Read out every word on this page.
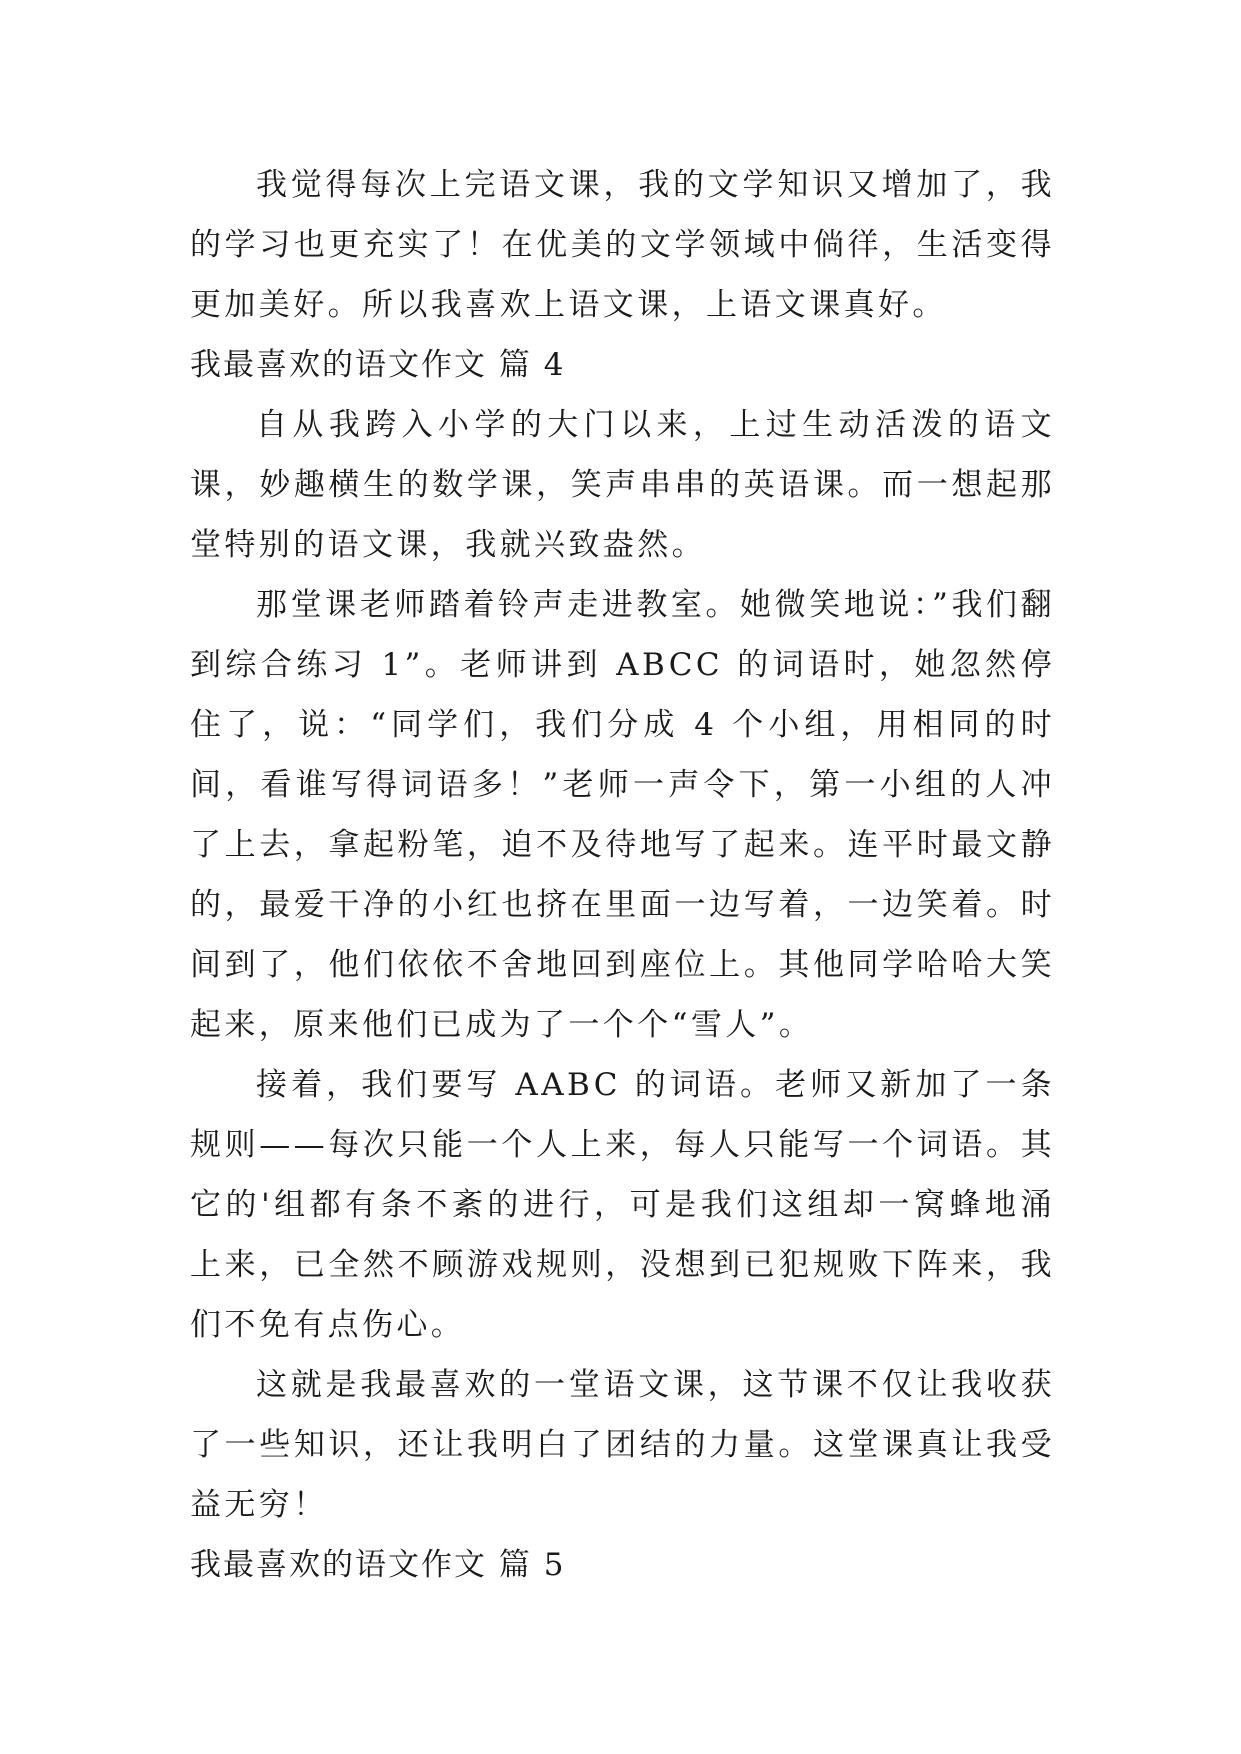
我觉得每次上完语文课，我的文学知识又增加了，我的学习也更充实了！在优美的文学领域中倘徉，生活变得更加美好。所以我喜欢上语文课，上语文课真好。

我最喜欢的语文作文 篇 4

自从我跨入小学的大门以来，上过生动活泼的语文课，妙趣横生的数学课，笑声串串的英语课。而一想起那堂特别的语文课，我就兴致盎然。

那堂课老师踏着铃声走进教室。她微笑地说：”我们翻到综合练习 1”。老师讲到 ABCC 的词语时，她忽然停住了，说：“同学们，我们分成 4 个小组，用相同的时间，看谁写得词语多！”老师一声令下，第一小组的人冲了上去，拿起粉笔，迫不及待地写了起来。连平时最文静的，最爱干净的小红也挤在里面一边写着，一边笑着。时间到了，他们依依不舍地回到座位上。其他同学哈哈大笑起来，原来他们已成为了一个个“雪人”。

接着，我们要写 AABC 的词语。老师又新加了一条规则——每次只能一个人上来，每人只能写一个词语。其它的'组都有条不紊的进行，可是我们这组却一窝蜂地涌上来，已全然不顾游戏规则，没想到已犯规败下阵来，我们不免有点伤心。

这就是我最喜欢的一堂语文课，这节课不仅让我收获了一些知识，还让我明白了团结的力量。这堂课真让我受益无穷！

我最喜欢的语文作文 篇 5
